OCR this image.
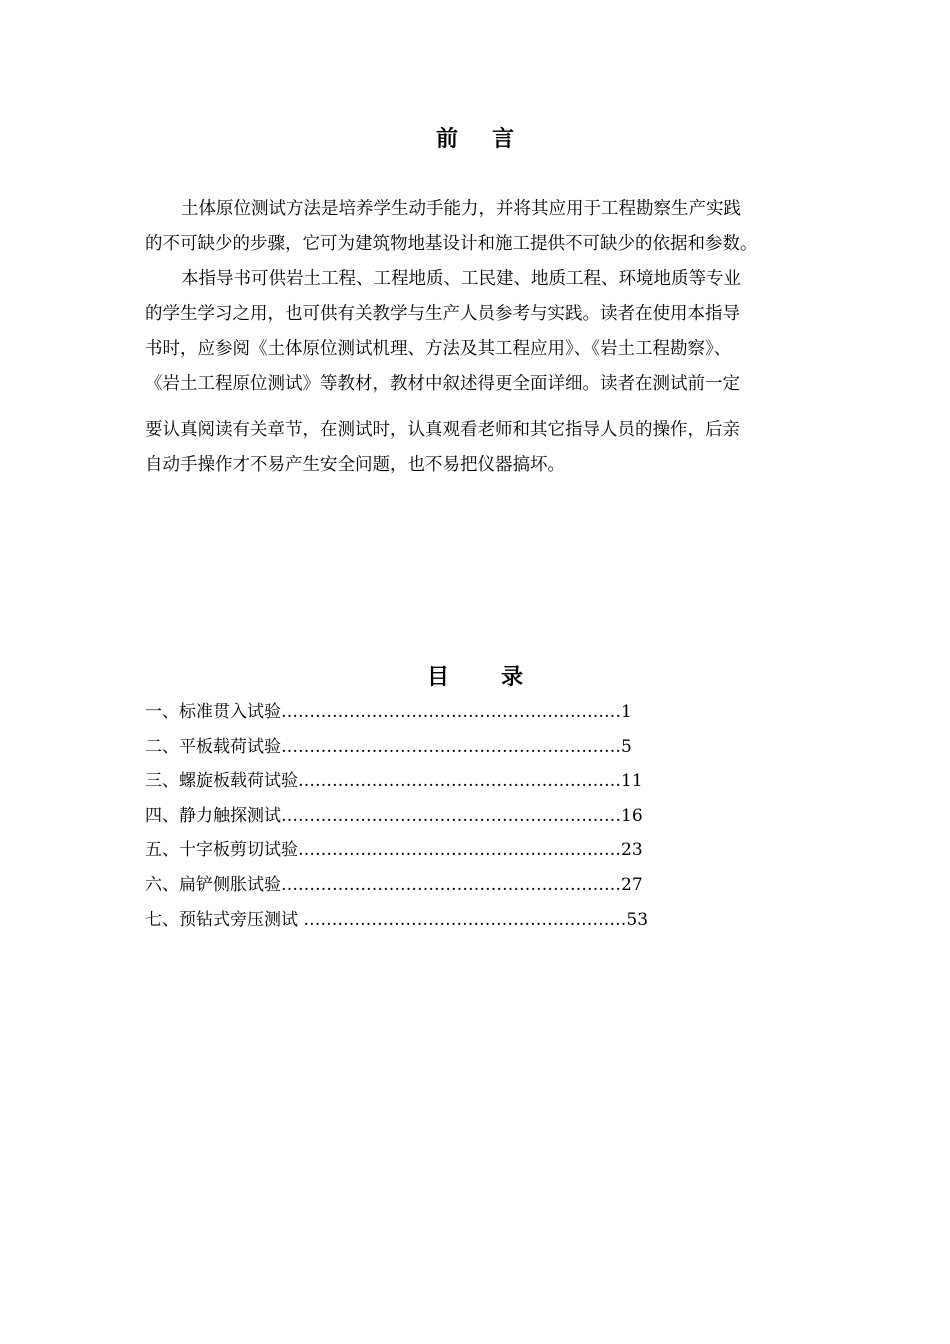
前 言
土体原位测试方法是培养学生动手能力，并将其应用于工程勘察生产实践
的不可缺少的步骤，它可为建筑物地基设计和施工提供不可缺少的依据和参数。
本指导书可供岩土工程、工程地质、工民建、地质工程、环境地质等专业
的学生学习之用，也可供有关教学与生产人员参考与实践。读者在使用本指导
书时，应参阅《土体原位测试机理、方法及其工程应用》、《岩土工程勘察》、
《岩土工程原位测试》等教材，教材中叙述得更全面详细。读者在测试前一定
要认真阅读有关章节，在测试时，认真观看老师和其它指导人员的操作，后亲
自动手操作才不易产生安全问题，也不易把仪器搞坏。
目 录
一、标准贯入试验……………………………………………………1
二、平板载荷试验……………………………………………………5
三、螺旋板载荷试验…………………………………………………11
四、静力触探测试……………………………………………………16
五、十字板剪切试验…………………………………………………23
六、扁铲侧胀试验……………………………………………………27
七、预钻式旁压测试 …………………………………………………53
